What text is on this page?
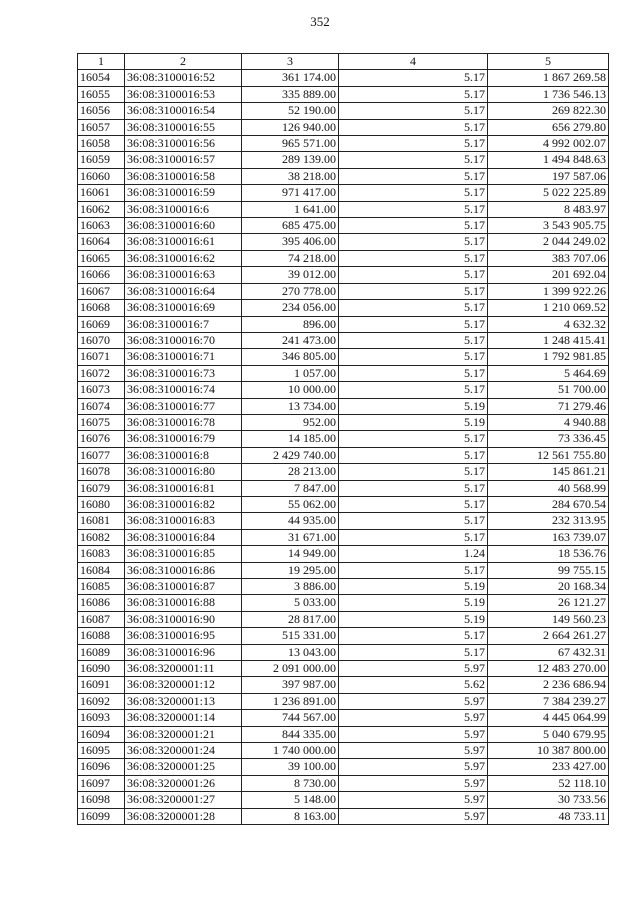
352
1	2	3	4	5
16054	36:08:3100016:52	361 174.00	5.17	1 867 269.58
16055	36:08:3100016:53	335 889.00	5.17	1 736 546.13
16056	36:08:3100016:54	52 190.00	5.17	269 822.30
16057	36:08:3100016:55	126 940.00	5.17	656 279.80
16058	36:08:3100016:56	965 571.00	5.17	4 992 002.07
16059	36:08:3100016:57	289 139.00	5.17	1 494 848.63
16060	36:08:3100016:58	38 218.00	5.17	197 587.06
16061	36:08:3100016:59	971 417.00	5.17	5 022 225.89
16062	36:08:3100016:6	1 641.00	5.17	8 483.97
16063	36:08:3100016:60	685 475.00	5.17	3 543 905.75
16064	36:08:3100016:61	395 406.00	5.17	2 044 249.02
16065	36:08:3100016:62	74 218.00	5.17	383 707.06
16066	36:08:3100016:63	39 012.00	5.17	201 692.04
16067	36:08:3100016:64	270 778.00	5.17	1 399 922.26
16068	36:08:3100016:69	234 056.00	5.17	1 210 069.52
16069	36:08:3100016:7	896.00	5.17	4 632.32
16070	36:08:3100016:70	241 473.00	5.17	1 248 415.41
16071	36:08:3100016:71	346 805.00	5.17	1 792 981.85
16072	36:08:3100016:73	1 057.00	5.17	5 464.69
16073	36:08:3100016:74	10 000.00	5.17	51 700.00
16074	36:08:3100016:77	13 734.00	5.19	71 279.46
16075	36:08:3100016:78	952.00	5.19	4 940.88
16076	36:08:3100016:79	14 185.00	5.17	73 336.45
16077	36:08:3100016:8	2 429 740.00	5.17	12 561 755.80
16078	36:08:3100016:80	28 213.00	5.17	145 861.21
16079	36:08:3100016:81	7 847.00	5.17	40 568.99
16080	36:08:3100016:82	55 062.00	5.17	284 670.54
16081	36:08:3100016:83	44 935.00	5.17	232 313.95
16082	36:08:3100016:84	31 671.00	5.17	163 739.07
16083	36:08:3100016:85	14 949.00	1.24	18 536.76
16084	36:08:3100016:86	19 295.00	5.17	99 755.15
16085	36:08:3100016:87	3 886.00	5.19	20 168.34
16086	36:08:3100016:88	5 033.00	5.19	26 121.27
16087	36:08:3100016:90	28 817.00	5.19	149 560.23
16088	36:08:3100016:95	515 331.00	5.17	2 664 261.27
16089	36:08:3100016:96	13 043.00	5.17	67 432.31
16090	36:08:3200001:11	2 091 000.00	5.97	12 483 270.00
16091	36:08:3200001:12	397 987.00	5.62	2 236 686.94
16092	36:08:3200001:13	1 236 891.00	5.97	7 384 239.27
16093	36:08:3200001:14	744 567.00	5.97	4 445 064.99
16094	36:08:3200001:21	844 335.00	5.97	5 040 679.95
16095	36:08:3200001:24	1 740 000.00	5.97	10 387 800.00
16096	36:08:3200001:25	39 100.00	5.97	233 427.00
16097	36:08:3200001:26	8 730.00	5.97	52 118.10
16098	36:08:3200001:27	5 148.00	5.97	30 733.56
16099	36:08:3200001:28	8 163.00	5.97	48 733.11
